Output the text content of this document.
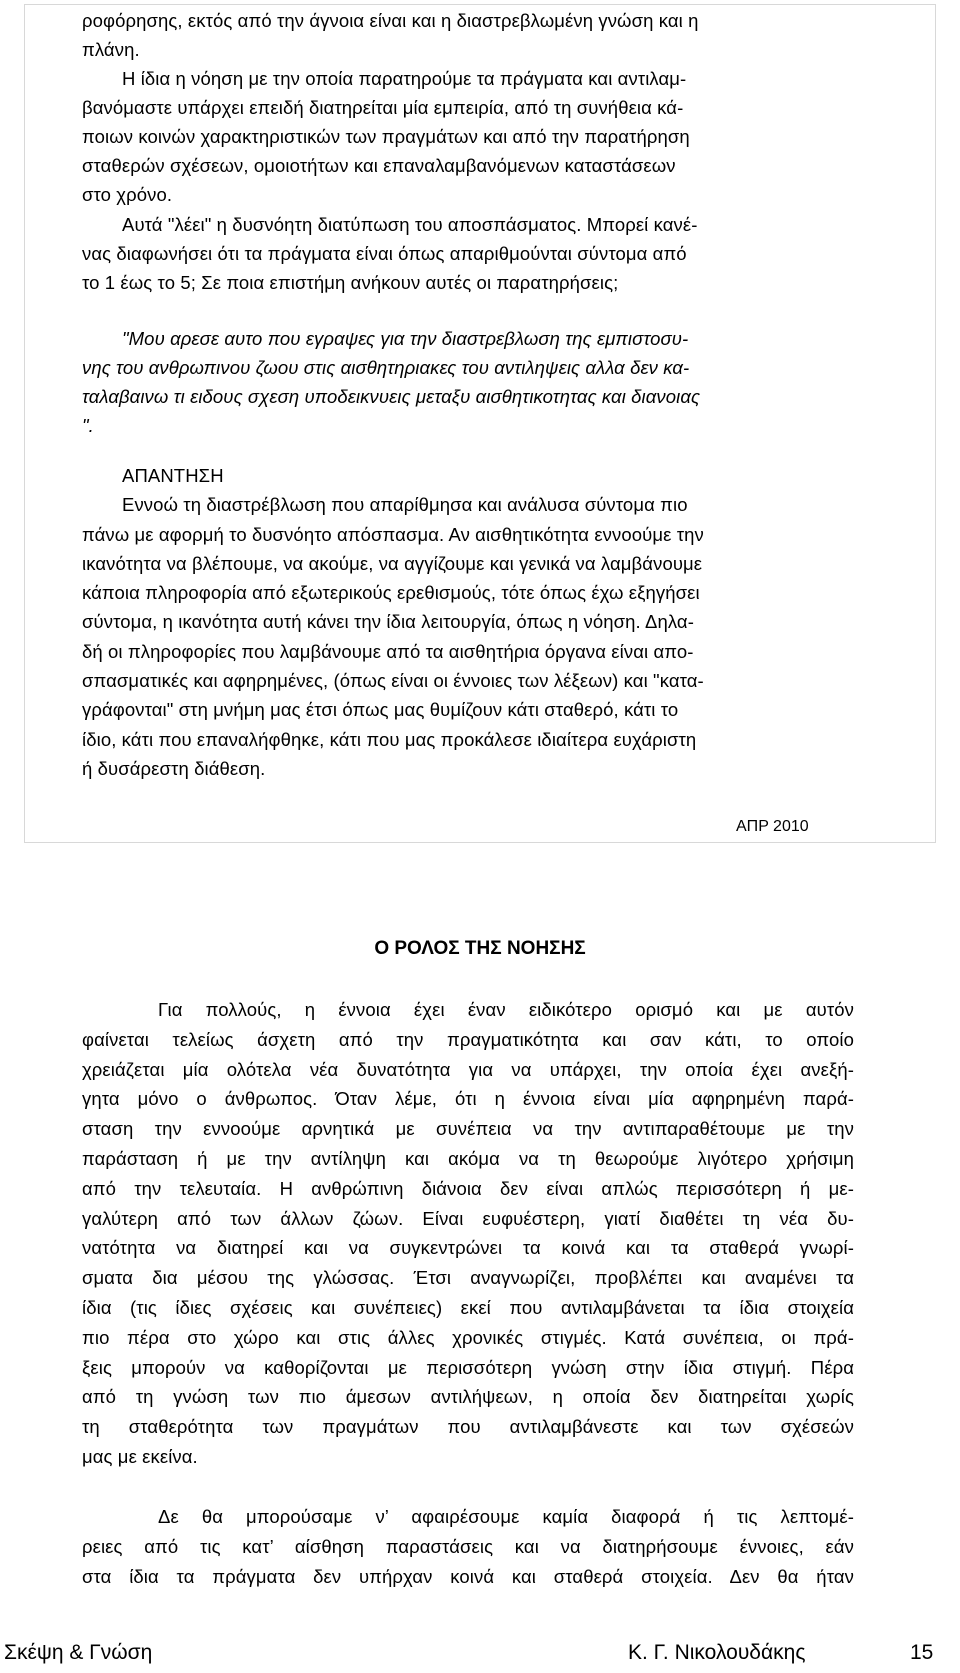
ροφόρησης, εκτός από την άγνοια είναι και η διαστρεβλωμένη γνώση και η
πλάνη.
Η ίδια η νόηση με την οποία παρατηρούμε τα πράγματα και αντιλαμ-
βανόμαστε υπάρχει επειδή διατηρείται μία εμπειρία, από τη συνήθεια κά-
ποιων κοινών χαρακτηριστικών των πραγμάτων και από την παρατήρηση
σταθερών σχέσεων, ομοιοτήτων και επαναλαμβανόμενων καταστάσεων
στο χρόνο.
Αυτά "λέει" η δυσνόητη διατύπωση του αποσπάσματος. Μπορεί κανέ-
νας διαφωνήσει ότι τα πράγματα είναι όπως απαριθμούνται σύντομα από
το 1 έως το 5; Σε ποια επιστήμη ανήκουν αυτές οι παρατηρήσεις;
"Μου αρεσε αυτο που εγραψες για την διαστρεβλωση της εμπιστοσυ-
νης του ανθρωπινου ζωου στις αισθητηριακες του αντιληψεις αλλα δεν κα-
ταλαβαινω τι ειδους σχεση υποδεικνυεις μεταξυ αισθητικοτητας και διανοιας
".
ΑΠΑΝΤΗΣΗ
Εννοώ τη διαστρέβλωση που απαρίθμησα και ανάλυσα σύντομα πιο
πάνω με αφορμή το δυσνόητο απόσπασμα. Αν αισθητικότητα εννοούμε την
ικανότητα να βλέπουμε, να ακούμε, να αγγίζουμε και γενικά να λαμβάνουμε
κάποια πληροφορία από εξωτερικούς ερεθισμούς, τότε όπως έχω εξηγήσει
σύντομα, η ικανότητα αυτή κάνει την ίδια λειτουργία, όπως η νόηση. Δηλα-
δή οι πληροφορίες που λαμβάνουμε από τα αισθητήρια όργανα είναι απο-
σπασματικές και αφηρημένες, (όπως είναι οι έννοιες των λέξεων) και "κατα-
γράφονται" στη μνήμη μας έτσι όπως μας θυμίζουν κάτι σταθερό, κάτι το
ίδιο, κάτι που επαναλήφθηκε, κάτι που μας προκάλεσε ιδιαίτερα ευχάριστη
ή δυσάρεστη διάθεση.
ΑΠΡ 2010
Ο ΡΟΛΟΣ ΤΗΣ ΝΟΗΣΗΣ
Για πολλούς, η έννοια έχει έναν ειδικότερο ορισμό και με αυτόν
φαίνεται τελείως άσχετη από την πραγματικότητα και σαν κάτι, το οποίο
χρειάζεται μία ολότελα νέα δυνατότητα για να υπάρχει, την οποία έχει ανεξή-
γητα μόνο ο άνθρωπος. Όταν λέμε, ότι η έννοια είναι μία αφηρημένη παρά-
σταση την εννοούμε αρνητικά με συνέπεια να την αντιπαραθέτουμε με την
παράσταση ή με την αντίληψη και ακόμα να τη θεωρούμε λιγότερο χρήσιμη
από την τελευταία. Η ανθρώπινη διάνοια δεν είναι απλώς περισσότερη ή με-
γαλύτερη από των άλλων ζώων. Είναι ευφυέστερη, γιατί διαθέτει τη νέα δυ-
νατότητα να διατηρεί και να συγκεντρώνει τα κοινά και τα σταθερά γνωρί-
σματα δια μέσου της γλώσσας. Έτσι αναγνωρίζει, προβλέπει και αναμένει τα
ίδια (τις ίδιες σχέσεις και συνέπειες) εκεί που αντιλαμβάνεται τα ίδια στοιχεία
πιο πέρα στο χώρο και στις άλλες χρονικές στιγμές. Κατά συνέπεια, οι πρά-
ξεις μπορούν να καθορίζονται με περισσότερη γνώση στην ίδια στιγμή. Πέρα
από τη γνώση των πιο άμεσων αντιλήψεων, η οποία δεν διατηρείται χωρίς
τη σταθερότητα των πραγμάτων που αντιλαμβάνεστε και των σχέσεών
μας με εκείνα.
Δε θα μπορούσαμε ν’ αφαιρέσουμε καμία διαφορά ή τις λεπτομέ-
ρειες από τις κατ’ αίσθηση παραστάσεις και να διατηρήσουμε έννοιες, εάν
στα ίδια τα πράγματα δεν υπήρχαν κοινά και σταθερά στοιχεία. Δεν θα ήταν
Σκέψη & Γνώση	Κ. Γ. Νικολουδάκης	15
